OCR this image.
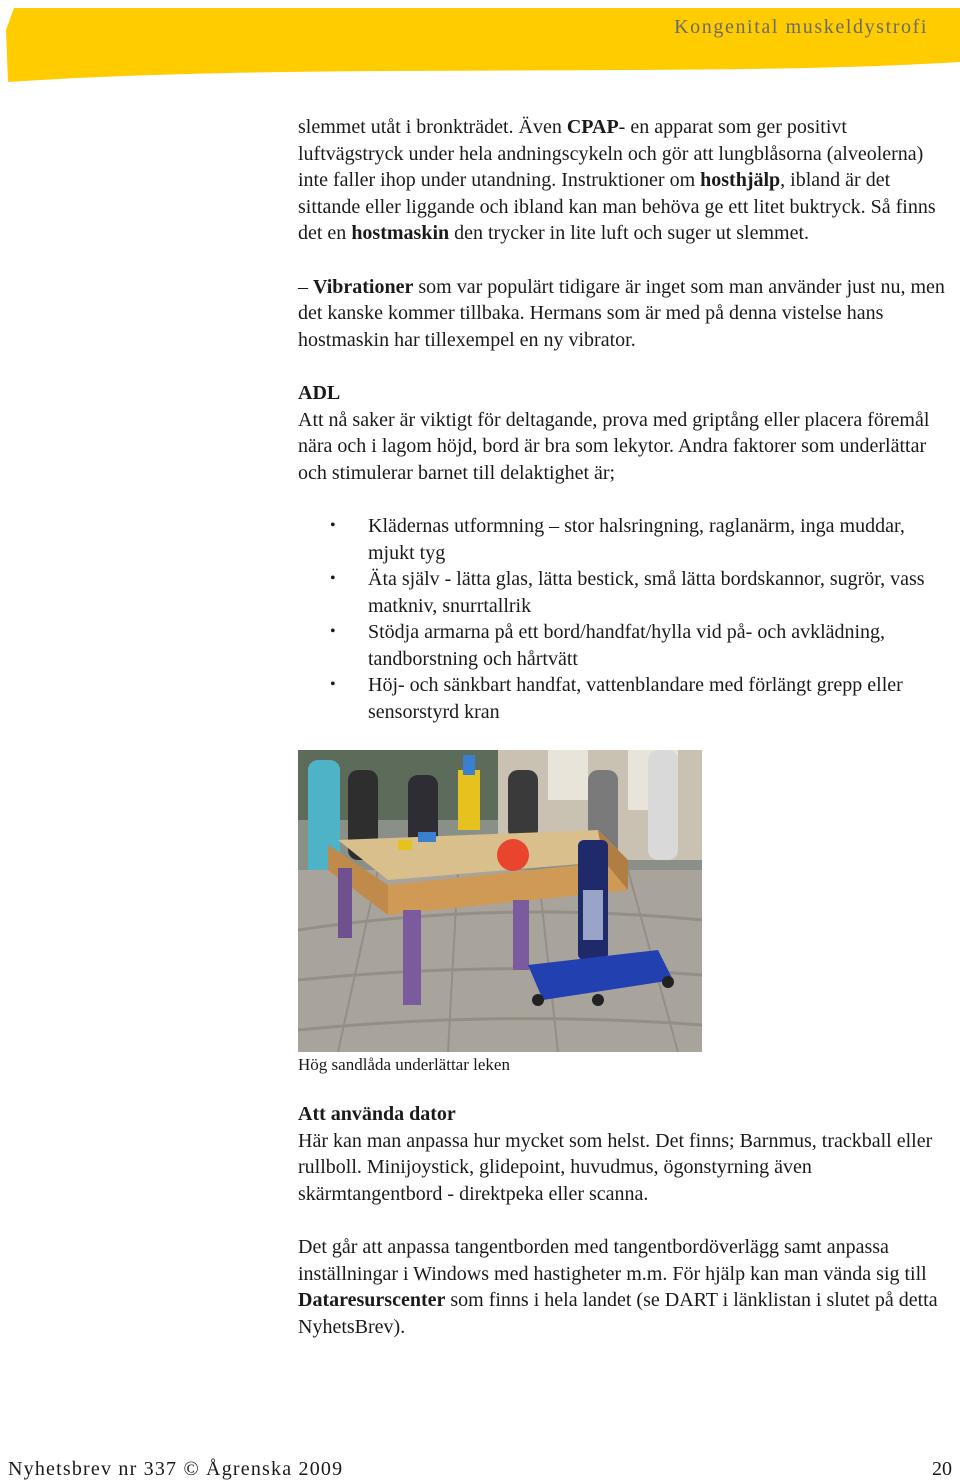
Kongenital muskeldystrofi

slemmet utåt i bronkträdet. Även CPAP- en apparat som ger positivt luftvägstryck under hela andningscykeln och gör att lungblåsorna (alveolerna) inte faller ihop under utandning. Instruktioner om hosthjälp, ibland är det sittande eller liggande och ibland kan man behöva ge ett litet buktryck. Så finns det en hostmaskin den trycker in lite luft och suger ut slemmet.

– Vibrationer som var populärt tidigare är inget som man använder just nu, men det kanske kommer tillbaka. Hermans som är med på denna vistelse hans hostmaskin har tillexempel en ny vibrator.

ADL

Att nå saker är viktigt för deltagande, prova med griptång eller placera föremål nära och i lagom höjd, bord är bra som lekytor. Andra faktorer som underlättar och stimulerar barnet till delaktighet är;

• Klädernas utformning – stor halsringning, raglanärm, inga muddar, mjukt tyg
• Äta själv - lätta glas, lätta bestick, små lätta bordskannor, sugrör, vass matkniv, snurrtallrik
• Stödja armarna på ett bord/handfat/hylla vid på- och avklädning, tandborstning och hårtvätt
• Höj- och sänkbart handfat, vattenblandare med förlängt grepp eller sensorstyrd kran
Hög sandlåda underlättar leken

Att använda dator

Här kan man anpassa hur mycket som helst. Det finns; Barnmus, trackball eller rullboll. Minijoystick, glidepoint, huvudmus, ögonstyrning även skärmtangentbord - direktpeka eller scanna.

Det går att anpassa tangentborden med tangentbordöverlägg samt anpassa inställningar i Windows med hastigheter m.m. För hjälp kan man vända sig till Dataresurscenter som finns i hela landet (se DART i länklistan i slutet på detta NyhetsBrev).

Nyhetsbrev nr 337 © Ågrenska 2009	20
